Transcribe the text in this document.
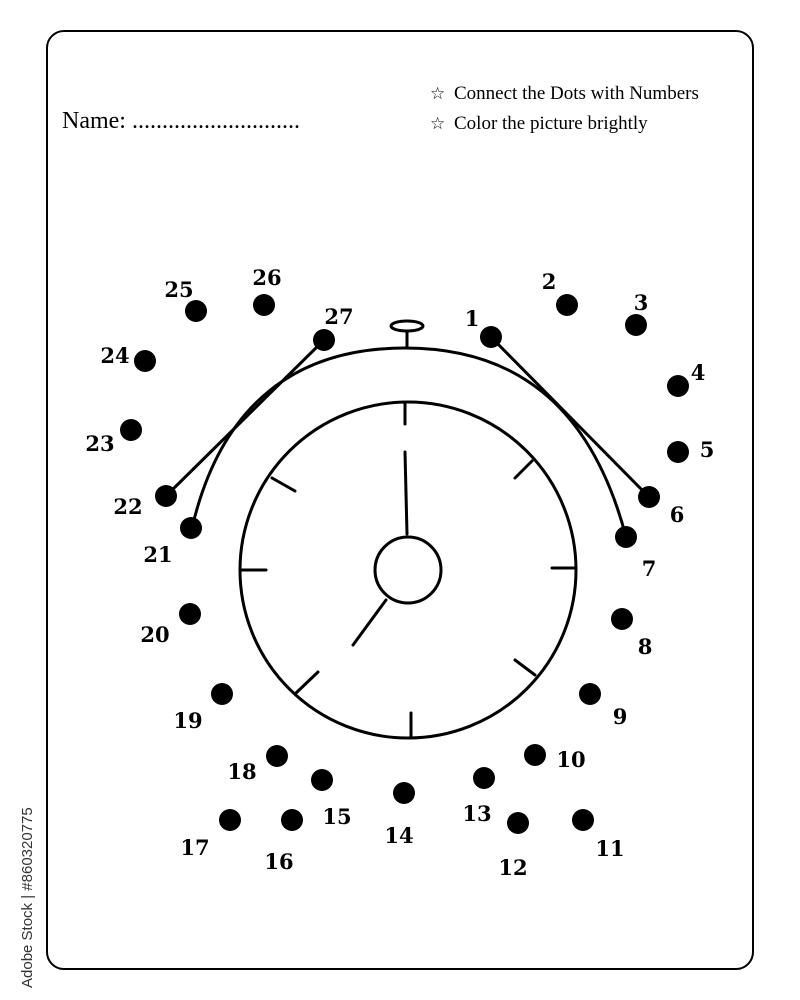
Name: ............................
☆ Connect the Dots with Numbers
☆ Color the picture brightly
1
2
3
4
5
6
7
8
9
10
11
12
13
14
15
16
17
18
19
20
21
22
23
24
25	26
27
Adobe Stock | #860320775
